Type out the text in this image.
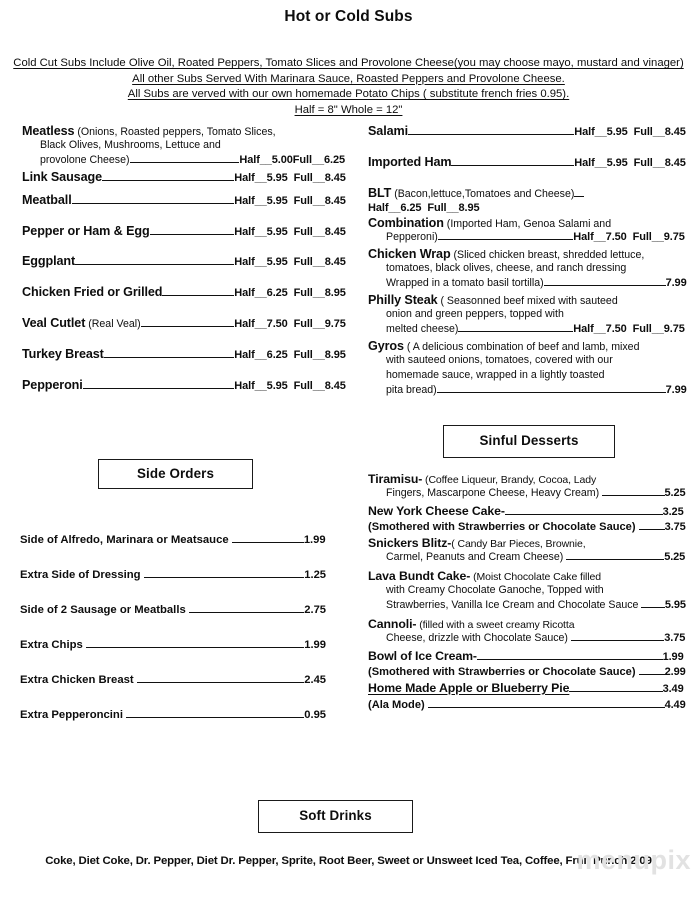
Hot or Cold Subs
Cold Cut Subs Include Olive Oil, Roated Peppers, Tomato Slices and Provolone Cheese(you may choose mayo, mustard and vinager)
All other Subs Served With Marinara Sauce, Roasted Peppers and Provolone Cheese.
All Subs are verved with our own homemade Potato Chips ( substitute french fries 0.95).
Half = 8" Whole = 12"
Meatless (Onions, Roasted peppers, Tomato Slices,
Black Olives, Mushrooms, Lettuce and
provolone Cheese)	Half__5.00Full__6.25
Link Sausage	Half__5.95  Full__8.45
Meatball	Half__5.95  Full__8.45
Pepper or Ham & Egg	Half__5.95  Full__8.45
Eggplant	Half__5.95  Full__8.45
Chicken Fried or Grilled	Half__6.25  Full__8.95
Veal Cutlet (Real Veal)	Half__7.50  Full__9.75
Turkey Breast	Half__6.25  Full__8.95
Pepperoni	Half__5.95  Full__8.45
Salami	Half__5.95  Full__8.45
Imported Ham	Half__5.95  Full__8.45
BLT (Bacon,lettuce,Tomatoes and Cheese)Half__6.25  Full__8.95
Combination (Imported Ham, Genoa Salami and
Pepperoni)	Half__7.50  Full__9.75
Chicken Wrap (Sliced chicken breast, shredded lettuce,
tomatoes, black olives, cheese, and ranch dressing
Wrapped in a tomato basil tortilla)	7.99
Philly Steak ( Seasonned beef mixed with sauteed
onion and green peppers, topped with
melted cheese)	Half__7.50  Full__9.75
Gyros ( A delicious combination of beef and lamb, mixed
with sauteed onions, tomatoes, covered with our
homemade sauce, wrapped in a lightly toasted
pita bread)	7.99
Side Orders
Side of Alfredo, Marinara or Meatsauce	1.99
Extra Side of Dressing	1.25
Side of 2 Sausage or Meatballs	2.75
Extra Chips	1.99
Extra Chicken Breast	2.45
Extra Pepperoncini	0.95
Sinful Desserts
Tiramisu- (Coffee Liqueur, Brandy, Cocoa, Lady
Fingers, Mascarpone Cheese, Heavy Cream)	5.25
New York Cheese Cake-	3.25
(Smothered with Strawberries or Chocolate Sauce) 3.75
Snickers Blitz-( Candy Bar Pieces, Brownie,
Carmel, Peanuts and Cream Cheese)	5.25
Lava Bundt Cake- (Moist Chocolate Cake filled
with Creamy Chocolate Ganoche, Topped with
Strawberries, Vanilla Ice Cream and Chocolate Sauce 5.95
Cannoli- (filled with a sweet creamy Ricotta
Cheese, drizzle with Chocolate Sauce)	3.75
Bowl of Ice Cream-	1.99
(Smothered with Strawberries or Chocolate Sauce) 2.99
Home Made Apple or Blueberry Pie	3.49
(Ala Mode)	4.49
Soft Drinks
Coke, Diet Coke, Dr. Pepper, Diet Dr. Pepper, Sprite, Root Beer, Sweet or Unsweet Iced Tea, Coffee, Fruit Punch 2.09
menupix
